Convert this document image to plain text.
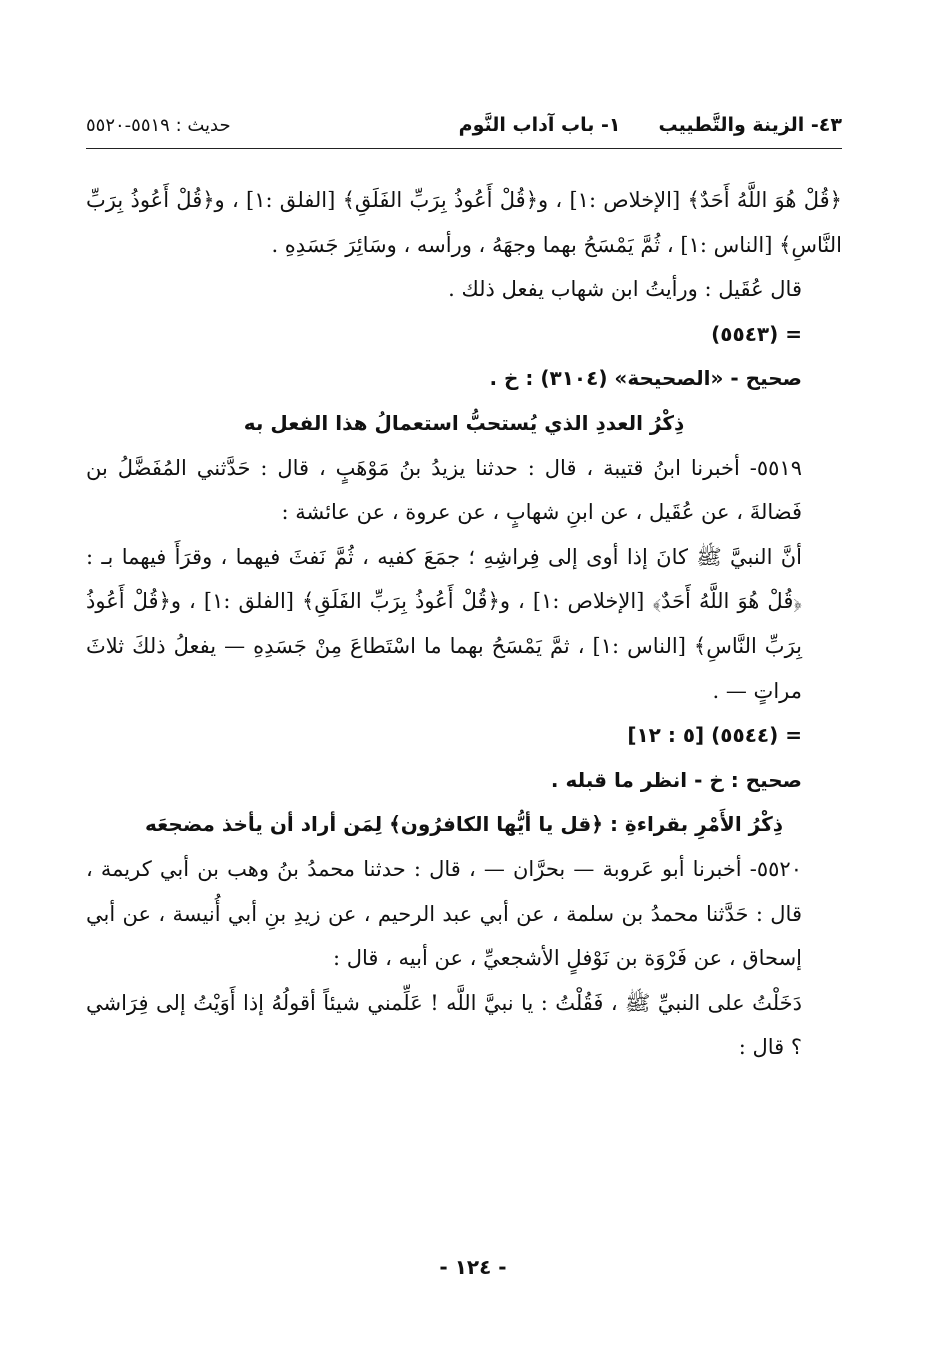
٤٣- الزينة والتَّطييب
١- باب آداب النَّوم
حديث : ٥٥١٩-٥٥٢٠

﴿قُلْ هُوَ اللَّهُ أَحَدٌ﴾ [الإخلاص :١] ، و﴿قُلْ أَعُوذُ بِرَبِّ الفَلَقِ﴾ [الفلق :١] ، و﴿قُلْ أَعُوذُ بِرَبِّ النَّاسِ﴾ [الناس :١] ، ثُمَّ يَمْسَحُ بهما وجهَهُ ، ورأسه ، وسَائِرَ جَسَدِهِ .

قال عُقَيل : ورأيتُ ابن شهاب يفعل ذلك .

= (٥٥٤٣)

صحيح - «الصحيحة» (٣١٠٤) : خ .

ذِكْرُ العددِ الذي يُستحبُّ استعمالُ هذا الفعل به

٥٥١٩- أخبرنا ابنُ قتيبة ، قال : حدثنا يزيدُ بنُ مَوْهَبٍ ، قال : حَدَّثني المُفَضَّلُ بن فَضالةَ ، عن عُقَيل ، عن ابنِ شهابٍ ، عن عروة ، عن عائشة :

أنَّ النبيَّ ﷺ كانَ إذا أوى إلى فِراشِهِ ؛ جمَعَ كفيه ، ثُمَّ نَفثَ فيهما ، وقرَأَ فيهما بـ : ﴿قُلْ هُوَ اللَّهُ أَحَدٌ﴾ [الإخلاص :١] ، و﴿قُلْ أَعُوذُ بِرَبِّ الفَلَقِ﴾ [الفلق :١] ، و﴿قُلْ أَعُوذُ بِرَبِّ النَّاسِ﴾ [الناس :١] ، ثمَّ يَمْسَحُ بهما ما اسْتَطاعَ مِنْ جَسَدِهِ — يفعلُ ذلكَ ثلاثَ مراتٍ — .

= (٥٥٤٤) [٥ : ١٢]

صحيح : خ - انظر ما قبله .

ذِكْرُ الأَمْرِ بقراءةِ : ﴿قل يا أيُّها الكافرُون﴾ لِمَن أراد أن يأخذ مضجعَه

٥٥٢٠- أخبرنا أبو عَروبة — بحرَّان — ، قال : حدثنا محمدُ بنُ وهب بن أبي كريمة ، قال : حَدَّثنا محمدُ بن سلمة ، عن أبي عبد الرحيم ، عن زيدِ بنِ أبي أُنيسة ، عن أبي إسحاق ، عن فَرْوَة بن نَوْفلٍ الأشجعيِّ ، عن أبيه ، قال :

دَخَلْتُ على النبيِّ ﷺ ، فَقُلْتُ : يا نبيَّ اللَّه ! عَلِّمني شيئاً أقولُهُ إذا أَوَيْتُ إلى فِرَاشي ؟ قال :

- ١٢٤ -
